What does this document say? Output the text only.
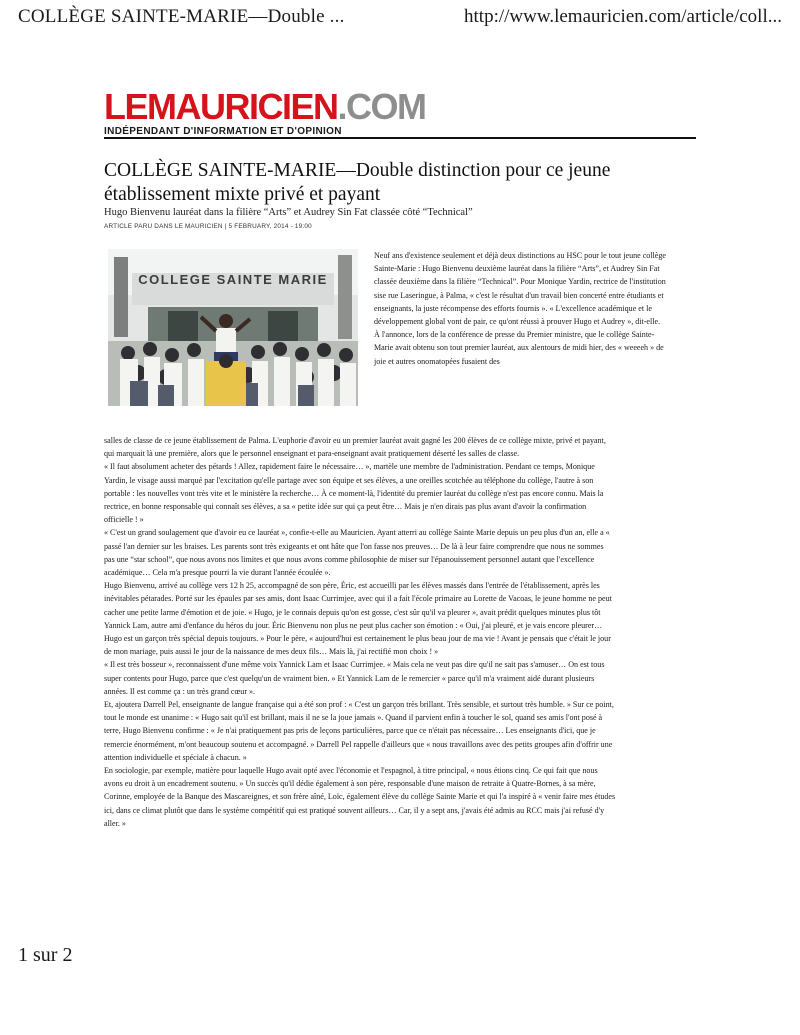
COLLÈGE SAINTE-MARIE—Double ...	http://www.lemauricien.com/article/coll...
LEMAURICIEN.COM
INDÉPENDANT D'INFORMATION ET D'OPINION
COLLÈGE SAINTE-MARIE—Double distinction pour ce jeune établissement mixte privé et payant
Hugo Bienvenu lauréat dans la filière “Arts” et Audrey Sin Fat classée côté “Technical”
ARTICLE PARU DANS LE MAURICIEN | 5 FEBRUARY, 2014 - 19:00
COLLEGE SAINTE MARIE

Neuf ans d'existence seulement et déjà deux distinctions au HSC pour le tout jeune collège Sainte-Marie : Hugo Bienvenu deuxième lauréat dans la filière “Arts”, et Audrey Sin Fat classée deuxième dans la filière “Technical”. Pour Monique Yardin, rectrice de l'institution sise rue Laseringue, à Palma, « c'est le résultat d'un travail bien concerté entre étudiants et enseignants, la juste récompense des efforts fournis ». « L'excellence académique et le développement global vont de pair, ce qu'ont réussi à prouver Hugo et Audrey », dit-elle.

À l'annonce, lors de la conférence de presse du Premier ministre, que le collège Sainte-Marie avait obtenu son tout premier lauréat, aux alentours de midi hier, des « weeeeh » de joie et autres onomatopées fusaient des

salles de classe de ce jeune établissement de Palma. L'euphorie d'avoir eu un premier lauréat avait gagné les 200 élèves de ce collège mixte, privé et payant, qui marquait là une première, alors que le personnel enseignant et para-enseignant avait pratiquement déserté les salles de classe.

« Il faut absolument acheter des pétards ! Allez, rapidement faire le nécessaire… », martèle une membre de l'administration. Pendant ce temps, Monique Yardin, le visage aussi marqué par l'excitation qu'elle partage avec son équipe et ses élèves, a une oreilles scotchée au téléphone du collège, l'autre à son portable : les nouvelles vont très vite et le ministère la recherche… À ce moment-là, l'identité du premier lauréat du collège n'est pas encore connu. Mais la rectrice, en bonne responsable qui connaît ses élèves, a sa « petite idée sur qui ça peut être… Mais je n'en dirais pas plus avant d'avoir la confirmation officielle ! »

« C'est un grand soulagement que d'avoir eu ce lauréat », confie-t-elle au Mauricien. Ayant atterri au collège Sainte Marie depuis un peu plus d'un an, elle a « passé l'an dernier sur les braises. Les parents sont très exigeants et ont hâte que l'on fasse nos preuves… De là à leur faire comprendre que nous ne sommes pas une “star school”, que nous avons nos limites et que nous avons comme philosophie de miser sur l'épanouissement personnel autant que l'excellence académique… Cela m'a presque pourri la vie durant l'année écoulée ».

Hugo Bienvenu, arrivé au collège vers 12 h 25, accompagné de son père, Éric, est accueilli par les élèves massés dans l'entrée de l'établissement, après les inévitables pétarades. Porté sur les épaules par ses amis, dont Isaac Currimjee, avec qui il a fait l'école primaire au Lorette de Vacoas, le jeune homme ne peut cacher une petite larme d'émotion et de joie. « Hugo, je le connais depuis qu'on est gosse, c'est sûr qu'il va pleurer », avait prédit quelques minutes plus tôt Yannick Lam, autre ami d'enfance du héros du jour. Éric Bienvenu non plus ne peut plus cacher son émotion : « Oui, j'ai pleuré, et je vais encore pleurer… Hugo est un garçon très spécial depuis toujours. » Pour le père, « aujourd'hui est certainement le plus beau jour de ma vie ! Avant je pensais que c'était le jour de mon mariage, puis aussi le jour de la naissance de mes deux fils… Mais là, j'ai rectifié mon choix ! »

« Il est très bosseur », reconnaissent d'une même voix Yannick Lam et Isaac Currimjee. « Mais cela ne veut pas dire qu'il ne sait pas s'amuser… On est tous super contents pour Hugo, parce que c'est quelqu'un de vraiment bien. » Et Yannick Lam de le remercier « parce qu'il m'a vraiment aidé durant plusieurs années. Il est comme ça : un très grand cœur ».

Et, ajoutera Darrell Pel, enseignante de langue française qui a été son prof : « C'est un garçon très brillant. Très sensible, et surtout très humble. » Sur ce point, tout le monde est unanime : « Hugo sait qu'il est brillant, mais il ne se la joue jamais ». Quand il parvient enfin à toucher le sol, quand ses amis l'ont posé à terre, Hugo Bienvenu confirme : « Je n'ai pratiquement pas pris de leçons particulières, parce que ce n'était pas nécessaire… Les enseignants d'ici, que je remercie énormément, m'ont beaucoup soutenu et accompagné. » Darrell Pel rappelle d'ailleurs que « nous travaillons avec des petits groupes afin d'offrir une attention individuelle et spéciale à chacun. »

En sociologie, par exemple, matière pour laquelle Hugo avait opté avec l'économie et l'espagnol, à titre principal, « nous étions cinq. Ce qui fait que nous avons eu droit à un encadrement soutenu. » Un succès qu'il dédie également à son père, responsable d'une maison de retraite à Quatre-Bornes, à sa mère, Corinne, employée de la Banque des Mascareignes, et son frère aîné, Loïc, également élève du collège Sainte Marie et qui l'a inspiré à « venir faire mes études ici, dans ce climat plutôt que dans le système compétitif qui est pratiqué souvent ailleurs… Car, il y a sept ans, j'avais été admis au RCC mais j'ai refusé d'y aller. »

1 sur 2
